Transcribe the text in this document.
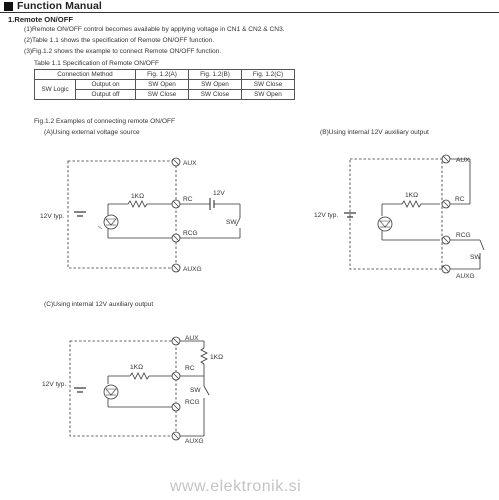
Function Manual
1.Remote ON/OFF
(1)Remote ON/OFF control becomes available by applying voltage in CN1 & CN2 & CN3.
(2)Table 1.1 shows the specification of Remote ON/OFF function.
(3)Fig.1.2 shows the example to connect Remote ON/OFF function.
Table 1.1 Specification of Remote ON/OFF
Connection Method		Fig. 1.2(A)	Fig. 1.2(B)	Fig. 1.2(C)
SW Logic	Output on	SW Open	SW Open	SW Close
	Output off	SW Close	SW Close	SW Open
Fig.1.2 Examples of connecting remote ON/OFF
(A)Using external voltage source	(B)Using internal 12V auxiliary output
(C)Using internal 12V auxiliary output
AUX
RC
RCG
AUXG
1KΩ
12V typ.
12V
SW
AUX
RC
RCG
AUXG
1KΩ
12V typ.
SW
AUX
RC
RCG
AUXG
1KΩ
1KΩ
12V typ.
SW
www.elektronik.si
